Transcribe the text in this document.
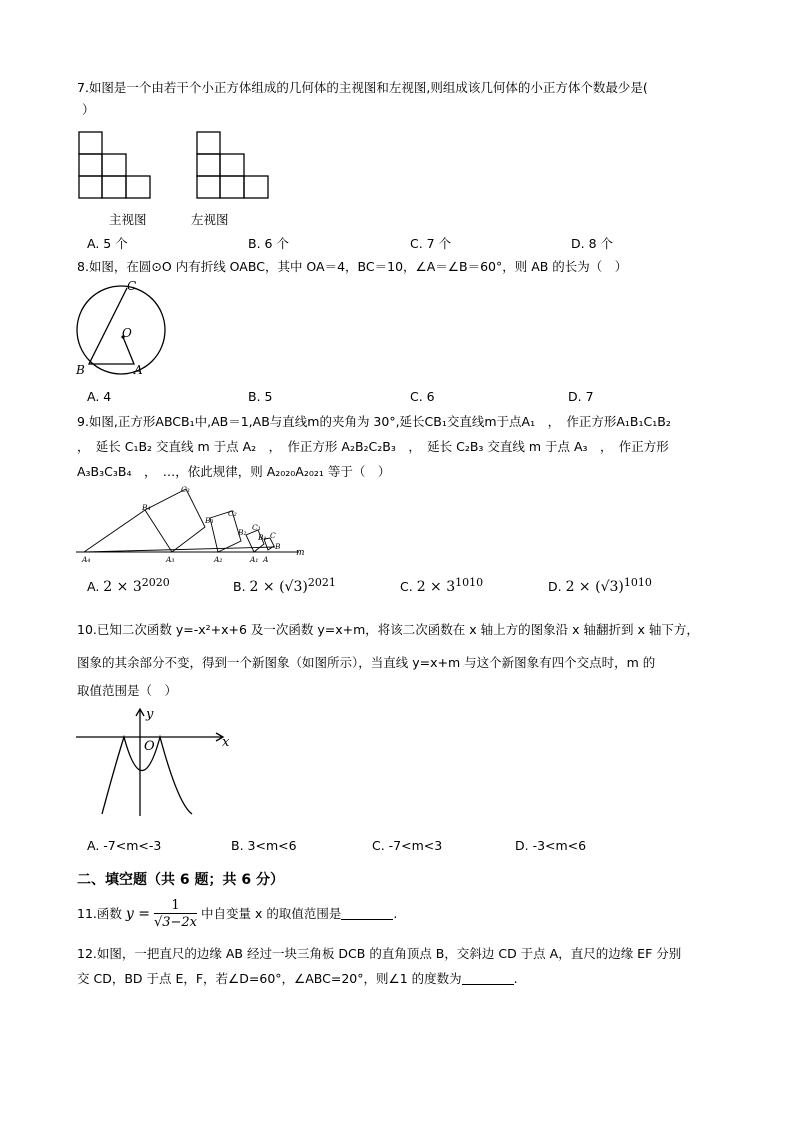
7.如图是一个由若干个小正方体组成的几何体的主视图和左视图,则组成该几何体的小正方体个数最少是(
）
主视图	左视图
A. 5 个	B. 6 个	C. 7 个	D. 8 个
8.如图，在圆⊙O 内有折线 OABC，其中 OA＝4，BC＝10，∠A＝∠B＝60°，则 AB 的长为（　）
C
O
B	A
A. 4	B. 5	C. 6	D. 7
9.如图,正方形ABCB₁中,AB＝1,AB与直线m的夹角为 30°,延长CB₁交直线m于点A₁　，　作正方形A₁B₁C₁B₂
，　延长 C₁B₂ 交直线 m 于点 A₂　，　作正方形 A₂B₂C₂B₃　，　延长 C₂B₃ 交直线 m 于点 A₃　，　作正方形
A₃B₃C₃B₄　，　…，依此规律，则 A₂₀₂₀A₂₀₂₁ 等于（　）
B₄
C₃
B₃
C₂
B₂
C₁
B₁ C
B
A₄	A₃	A₂	A₁ A
m
A. $2 \times 3^{2020}$	B. $2 \times (√3)^{2021}$	C. $2 \times 3^{1010}$	D. $2 \times (√3)^{1010}$
10.已知二次函数 y=-x²+x+6 及一次函数 y=x+m，将该二次函数在 x 轴上方的图象沿 x 轴翻折到 x 轴下方，
图象的其余部分不变，得到一个新图象（如图所示），当直线 y=x+m 与这个新图象有四个交点时，m 的
取值范围是（　）
y
x
O
A. -7<m<-3	B. 3<m<6	C. -7<m<3	D. -3<m<6
二、填空题（共 6 题；共 6 分）
11.函数 $y = \frac{1}{√3-2x}$ 中自变量 x 的取值范围是	.
12.如图，一把直尺的边缘 AB 经过一块三角板 DCB 的直角顶点 B，交斜边 CD 于点 A，直尺的边缘 EF 分别
交 CD，BD 于点 E，F，若∠D=60°，∠ABC=20°，则∠1 的度数为	.
